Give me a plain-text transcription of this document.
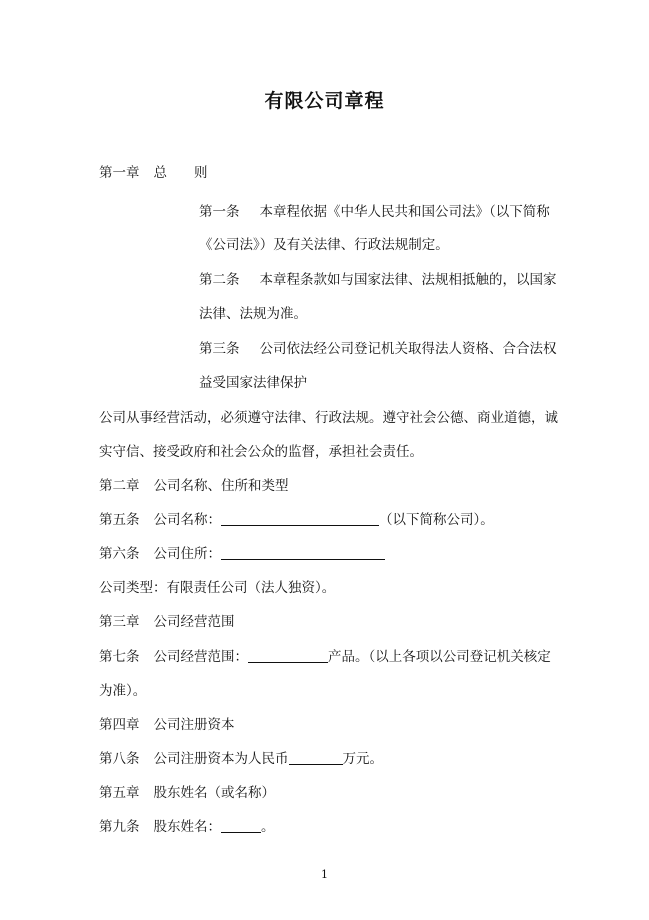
有限公司章程
第一章 总 则
第一条 本章程依据《中华人民共和国公司法》（以下简称
《公司法》）及有关法律、行政法规制定。
第二条 本章程条款如与国家法律、法规相抵触的，以国家
法律、法规为准。
第三条 公司依法经公司登记机关取得法人资格、合合法权
益受国家法律保护
公司从事经营活动，必须遵守法律、行政法规。遵守社会公德、商业道德，诚
实守信、接受政府和社会公众的监督，承担社会责任。
第二章 公司名称、住所和类型
第五条 公司名称：	（以下简称公司）。
第六条 公司住所：
公司类型：有限责任公司（法人独资）。
第三章 公司经营范围
第七条 公司经营范围：	产品。（以上各项以公司登记机关核定
为准）。
第四章 公司注册资本
第八条 公司注册资本为人民币	万元。
第五章 股东姓名（或名称）
第九条 股东姓名：	。
1
